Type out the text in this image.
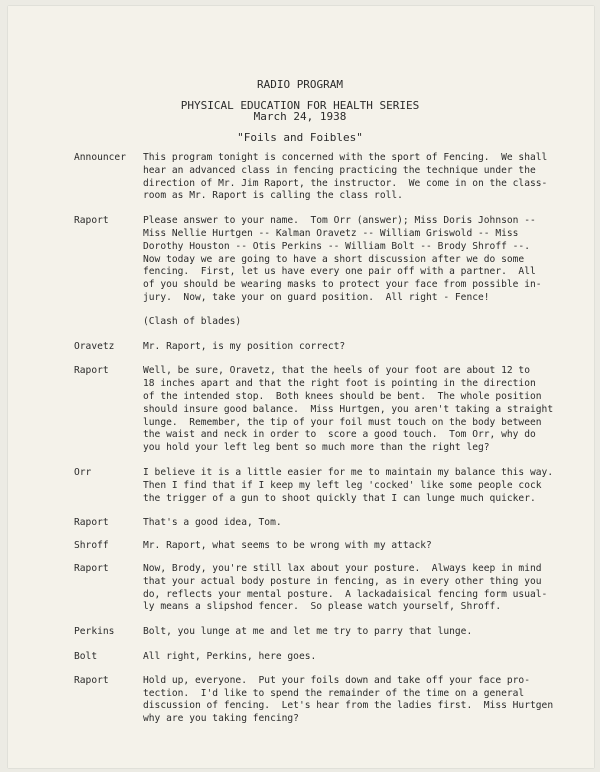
RADIO PROGRAM
PHYSICAL EDUCATION FOR HEALTH SERIES
March 24, 1938
"Foils and Foibles"
Announcer	This program tonight is concerned with the sport of Fencing.  We shall
hear an advanced class in fencing practicing the technique under the
direction of Mr. Jim Raport, the instructor.  We come in on the class-
room as Mr. Raport is calling the class roll.
Raport	Please answer to your name.  Tom Orr (answer); Miss Doris Johnson --
Miss Nellie Hurtgen -- Kalman Oravetz -- William Griswold -- Miss
Dorothy Houston -- Otis Perkins -- William Bolt -- Brody Shroff --.
Now today we are going to have a short discussion after we do some
fencing.  First, let us have every one pair off with a partner.  All
of you should be wearing masks to protect your face from possible in-
jury.  Now, take your on guard position.  All right - Fence!
(Clash of blades)
Oravetz	Mr. Raport, is my position correct?
Raport	Well, be sure, Oravetz, that the heels of your foot are about 12 to
18 inches apart and that the right foot is pointing in the direction
of the intended stop.  Both knees should be bent.  The whole position
should insure good balance.  Miss Hurtgen, you aren't taking a straight
lunge.  Remember, the tip of your foil must touch on the body between
the waist and neck in order to  score a good touch.  Tom Orr, why do
you hold your left leg bent so much more than the right leg?
Orr	I believe it is a little easier for me to maintain my balance this way.
Then I find that if I keep my left leg 'cocked' like some people cock
the trigger of a gun to shoot quickly that I can lunge much quicker.
Raport	That's a good idea, Tom.
Shroff	Mr. Raport, what seems to be wrong with my attack?
Raport	Now, Brody, you're still lax about your posture.  Always keep in mind
that your actual body posture in fencing, as in every other thing you
do, reflects your mental posture.  A lackadaisical fencing form usual-
ly means a slipshod fencer.  So please watch yourself, Shroff.
Perkins	Bolt, you lunge at me and let me try to parry that lunge.
Bolt	All right, Perkins, here goes.
Raport	Hold up, everyone.  Put your foils down and take off your face pro-
tection.  I'd like to spend the remainder of the time on a general
discussion of fencing.  Let's hear from the ladies first.  Miss Hurtgen
why are you taking fencing?
